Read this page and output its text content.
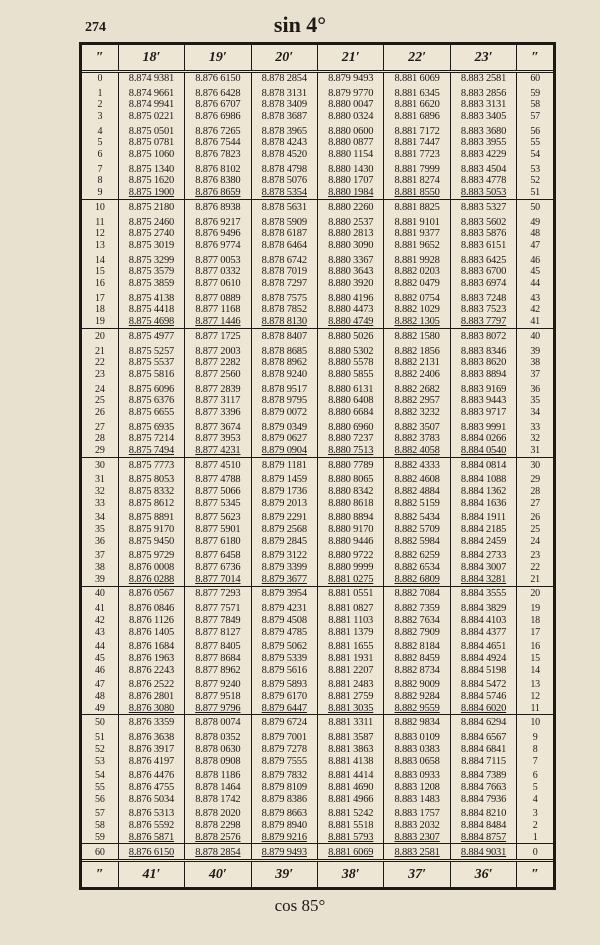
274	sin 4°
″	18′	19′	20′	21′	22′	23′	″
0	8.874 9381	8.876 6150	8.878 2854	8.879 9493	8.881 6069	8.883 2581	60
1	8.874 9661	8.876 6428	8.878 3131	8.879 9770	8.881 6345	8.883 2856	59
2	8.874 9941	8.876 6707	8.878 3409	8.880 0047	8.881 6620	8.883 3131	58
3	8.875 0221	8.876 6986	8.878 3687	8.880 0324	8.881 6896	8.883 3405	57
4	8.875 0501	8.876 7265	8.878 3965	8.880 0600	8.881 7172	8.883 3680	56
5	8.875 0781	8.876 7544	8.878 4243	8.880 0877	8.881 7447	8.883 3955	55
6	8.875 1060	8.876 7823	8.878 4520	8.880 1154	8.881 7723	8.883 4229	54
7	8.875 1340	8.876 8102	8.878 4798	8.880 1430	8.881 7999	8.883 4504	53
8	8.875 1620	8.876 8380	8.878 5076	8.880 1707	8.881 8274	8.883 4778	52
9	8.875 1900	8.876 8659	8.878 5354	8.880 1984	8.881 8550	8.883 5053	51
10	8.875 2180	8.876 8938	8.878 5631	8.880 2260	8.881 8825	8.883 5327	50
11	8.875 2460	8.876 9217	8.878 5909	8.880 2537	8.881 9101	8.883 5602	49
12	8.875 2740	8.876 9496	8.878 6187	8.880 2813	8.881 9377	8.883 5876	48
13	8.875 3019	8.876 9774	8.878 6464	8.880 3090	8.881 9652	8.883 6151	47
14	8.875 3299	8.877 0053	8.878 6742	8.880 3367	8.881 9928	8.883 6425	46
15	8.875 3579	8.877 0332	8.878 7019	8.880 3643	8.882 0203	8.883 6700	45
16	8.875 3859	8.877 0610	8.878 7297	8.880 3920	8.882 0479	8.883 6974	44
17	8.875 4138	8.877 0889	8.878 7575	8.880 4196	8.882 0754	8.883 7248	43
18	8.875 4418	8.877 1168	8.878 7852	8.880 4473	8.882 1029	8.883 7523	42
19	8.875 4698	8.877 1446	8.878 8130	8.880 4749	8.882 1305	8.883 7797	41
20	8.875 4977	8.877 1725	8.878 8407	8.880 5026	8.882 1580	8.883 8072	40
21	8.875 5257	8.877 2003	8.878 8685	8.880 5302	8.882 1856	8.883 8346	39
22	8.875 5537	8.877 2282	8.878 8962	8.880 5578	8.882 2131	8.883 8620	38
23	8.875 5816	8.877 2560	8.878 9240	8.880 5855	8.882 2406	8.883 8894	37
24	8.875 6096	8.877 2839	8.878 9517	8.880 6131	8.882 2682	8.883 9169	36
25	8.875 6376	8.877 3117	8.878 9795	8.880 6408	8.882 2957	8.883 9443	35
26	8.875 6655	8.877 3396	8.879 0072	8.880 6684	8.882 3232	8.883 9717	34
27	8.875 6935	8.877 3674	8.879 0349	8.880 6960	8.882 3507	8.883 9991	33
28	8.875 7214	8.877 3953	8.879 0627	8.880 7237	8.882 3783	8.884 0266	32
29	8.875 7494	8.877 4231	8.879 0904	8.880 7513	8.882 4058	8.884 0540	31
30	8.875 7773	8.877 4510	8.879 1181	8.880 7789	8.882 4333	8.884 0814	30
31	8.875 8053	8.877 4788	8.879 1459	8.880 8065	8.882 4608	8.884 1088	29
32	8.875 8332	8.877 5066	8.879 1736	8.880 8342	8.882 4884	8.884 1362	28
33	8.875 8612	8.877 5345	8.879 2013	8.880 8618	8.882 5159	8.884 1636	27
34	8.875 8891	8.877 5623	8.879 2291	8.880 8894	8.882 5434	8.884 1911	26
35	8.875 9170	8.877 5901	8.879 2568	8.880 9170	8.882 5709	8.884 2185	25
36	8.875 9450	8.877 6180	8.879 2845	8.880 9446	8.882 5984	8.884 2459	24
37	8.875 9729	8.877 6458	8.879 3122	8.880 9722	8.882 6259	8.884 2733	23
38	8.876 0008	8.877 6736	8.879 3399	8.880 9999	8.882 6534	8.884 3007	22
39	8.876 0288	8.877 7014	8.879 3677	8.881 0275	8.882 6809	8.884 3281	21
40	8.876 0567	8.877 7293	8.879 3954	8.881 0551	8.882 7084	8.884 3555	20
41	8.876 0846	8.877 7571	8.879 4231	8.881 0827	8.882 7359	8.884 3829	19
42	8.876 1126	8.877 7849	8.879 4508	8.881 1103	8.882 7634	8.884 4103	18
43	8.876 1405	8.877 8127	8.879 4785	8.881 1379	8.882 7909	8.884 4377	17
44	8.876 1684	8.877 8405	8.879 5062	8.881 1655	8.882 8184	8.884 4651	16
45	8.876 1963	8.877 8684	8.879 5339	8.881 1931	8.882 8459	8.884 4924	15
46	8.876 2243	8.877 8962	8.879 5616	8.881 2207	8.882 8734	8.884 5198	14
47	8.876 2522	8.877 9240	8.879 5893	8.881 2483	8.882 9009	8.884 5472	13
48	8.876 2801	8.877 9518	8.879 6170	8.881 2759	8.882 9284	8.884 5746	12
49	8.876 3080	8.877 9796	8.879 6447	8.881 3035	8.882 9559	8.884 6020	11
50	8.876 3359	8.878 0074	8.879 6724	8.881 3311	8.882 9834	8.884 6294	10
51	8.876 3638	8.878 0352	8.879 7001	8.881 3587	8.883 0109	8.884 6567	9
52	8.876 3917	8.878 0630	8.879 7278	8.881 3863	8.883 0383	8.884 6841	8
53	8.876 4197	8.878 0908	8.879 7555	8.881 4138	8.883 0658	8.884 7115	7
54	8.876 4476	8.878 1186	8.879 7832	8.881 4414	8.883 0933	8.884 7389	6
55	8.876 4755	8.878 1464	8.879 8109	8.881 4690	8.883 1208	8.884 7663	5
56	8.876 5034	8.878 1742	8.879 8386	8.881 4966	8.883 1483	8.884 7936	4
57	8.876 5313	8.878 2020	8.879 8663	8.881 5242	8.883 1757	8.884 8210	3
58	8.876 5592	8.878 2298	8.879 8940	8.881 5518	8.883 2032	8.884 8484	2
59	8.876 5871	8.878 2576	8.879 9216	8.881 5793	8.883 2307	8.884 8757	1
60	8.876 6150	8.878 2854	8.879 9493	8.881 6069	8.883 2581	8.884 9031	0
″	41′	40′	39′	38′	37′	36′	″
cos 85°
